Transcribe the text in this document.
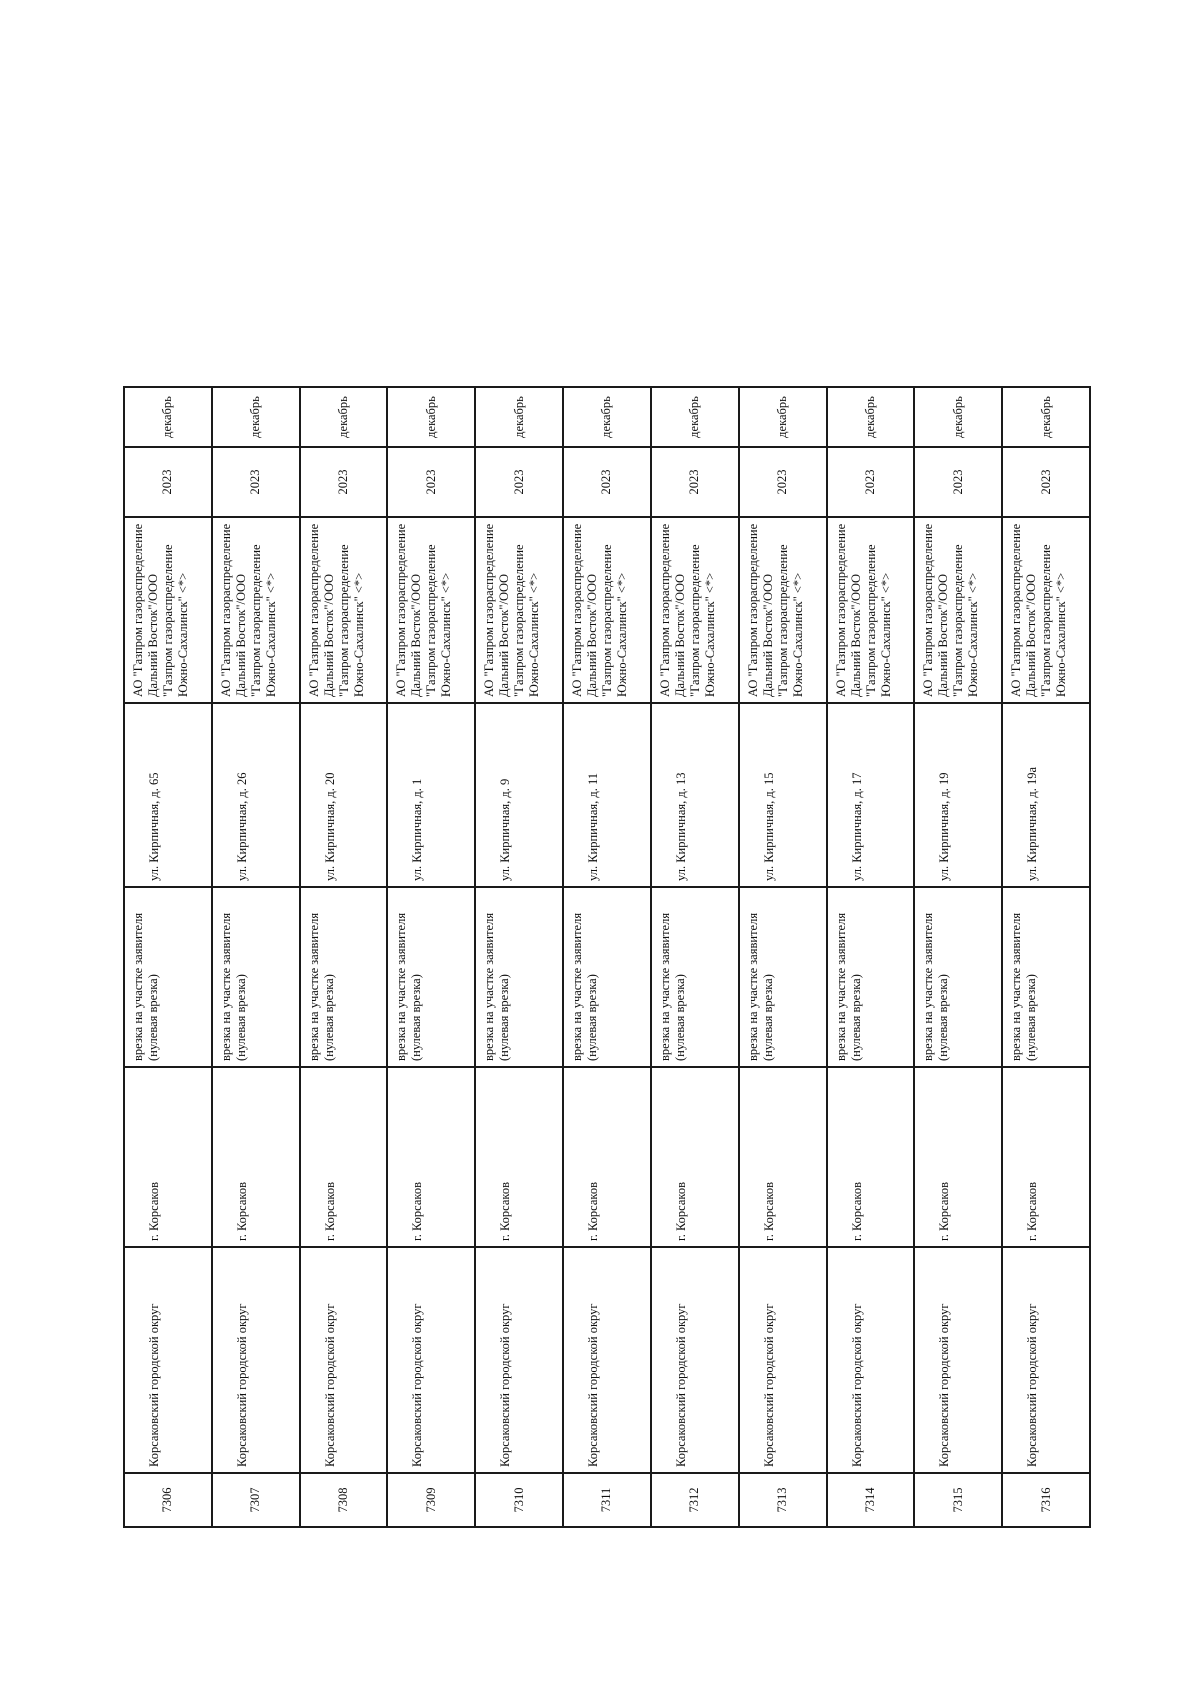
7306	Корсаковский городской округ	г. Корсаков	врезка на участке заявителя (нулевая врезка)	ул. Кирпичная, д. 65	АО "Газпром газораспределение Дальний Восток"/ООО "Газпром газораспределение Южно-Сахалинск" <*>	2023	декабрь
7307	Корсаковский городской округ	г. Корсаков	врезка на участке заявителя (нулевая врезка)	ул. Кирпичная, д. 26	АО "Газпром газораспределение Дальний Восток"/ООО "Газпром газораспределение Южно-Сахалинск" <*>	2023	декабрь
7308	Корсаковский городской округ	г. Корсаков	врезка на участке заявителя (нулевая врезка)	ул. Кирпичная, д. 20	АО "Газпром газораспределение Дальний Восток"/ООО "Газпром газораспределение Южно-Сахалинск" <*>	2023	декабрь
7309	Корсаковский городской округ	г. Корсаков	врезка на участке заявителя (нулевая врезка)	ул. Кирпичная, д. 1	АО "Газпром газораспределение Дальний Восток"/ООО "Газпром газораспределение Южно-Сахалинск" <*>	2023	декабрь
7310	Корсаковский городской округ	г. Корсаков	врезка на участке заявителя (нулевая врезка)	ул. Кирпичная, д. 9	АО "Газпром газораспределение Дальний Восток"/ООО "Газпром газораспределение Южно-Сахалинск" <*>	2023	декабрь
7311	Корсаковский городской округ	г. Корсаков	врезка на участке заявителя (нулевая врезка)	ул. Кирпичная, д. 11	АО "Газпром газораспределение Дальний Восток"/ООО "Газпром газораспределение Южно-Сахалинск" <*>	2023	декабрь
7312	Корсаковский городской округ	г. Корсаков	врезка на участке заявителя (нулевая врезка)	ул. Кирпичная, д. 13	АО "Газпром газораспределение Дальний Восток"/ООО "Газпром газораспределение Южно-Сахалинск" <*>	2023	декабрь
7313	Корсаковский городской округ	г. Корсаков	врезка на участке заявителя (нулевая врезка)	ул. Кирпичная, д. 15	АО "Газпром газораспределение Дальний Восток"/ООО "Газпром газораспределение Южно-Сахалинск" <*>	2023	декабрь
7314	Корсаковский городской округ	г. Корсаков	врезка на участке заявителя (нулевая врезка)	ул. Кирпичная, д. 17	АО "Газпром газораспределение Дальний Восток"/ООО "Газпром газораспределение Южно-Сахалинск" <*>	2023	декабрь
7315	Корсаковский городской округ	г. Корсаков	врезка на участке заявителя (нулевая врезка)	ул. Кирпичная, д. 19	АО "Газпром газораспределение Дальний Восток"/ООО "Газпром газораспределение Южно-Сахалинск" <*>	2023	декабрь
7316	Корсаковский городской округ	г. Корсаков	врезка на участке заявителя (нулевая врезка)	ул. Кирпичная, д. 19а	АО "Газпром газораспределение Дальний Восток"/ООО "Газпром газораспределение Южно-Сахалинск" <*>	2023	декабрь
